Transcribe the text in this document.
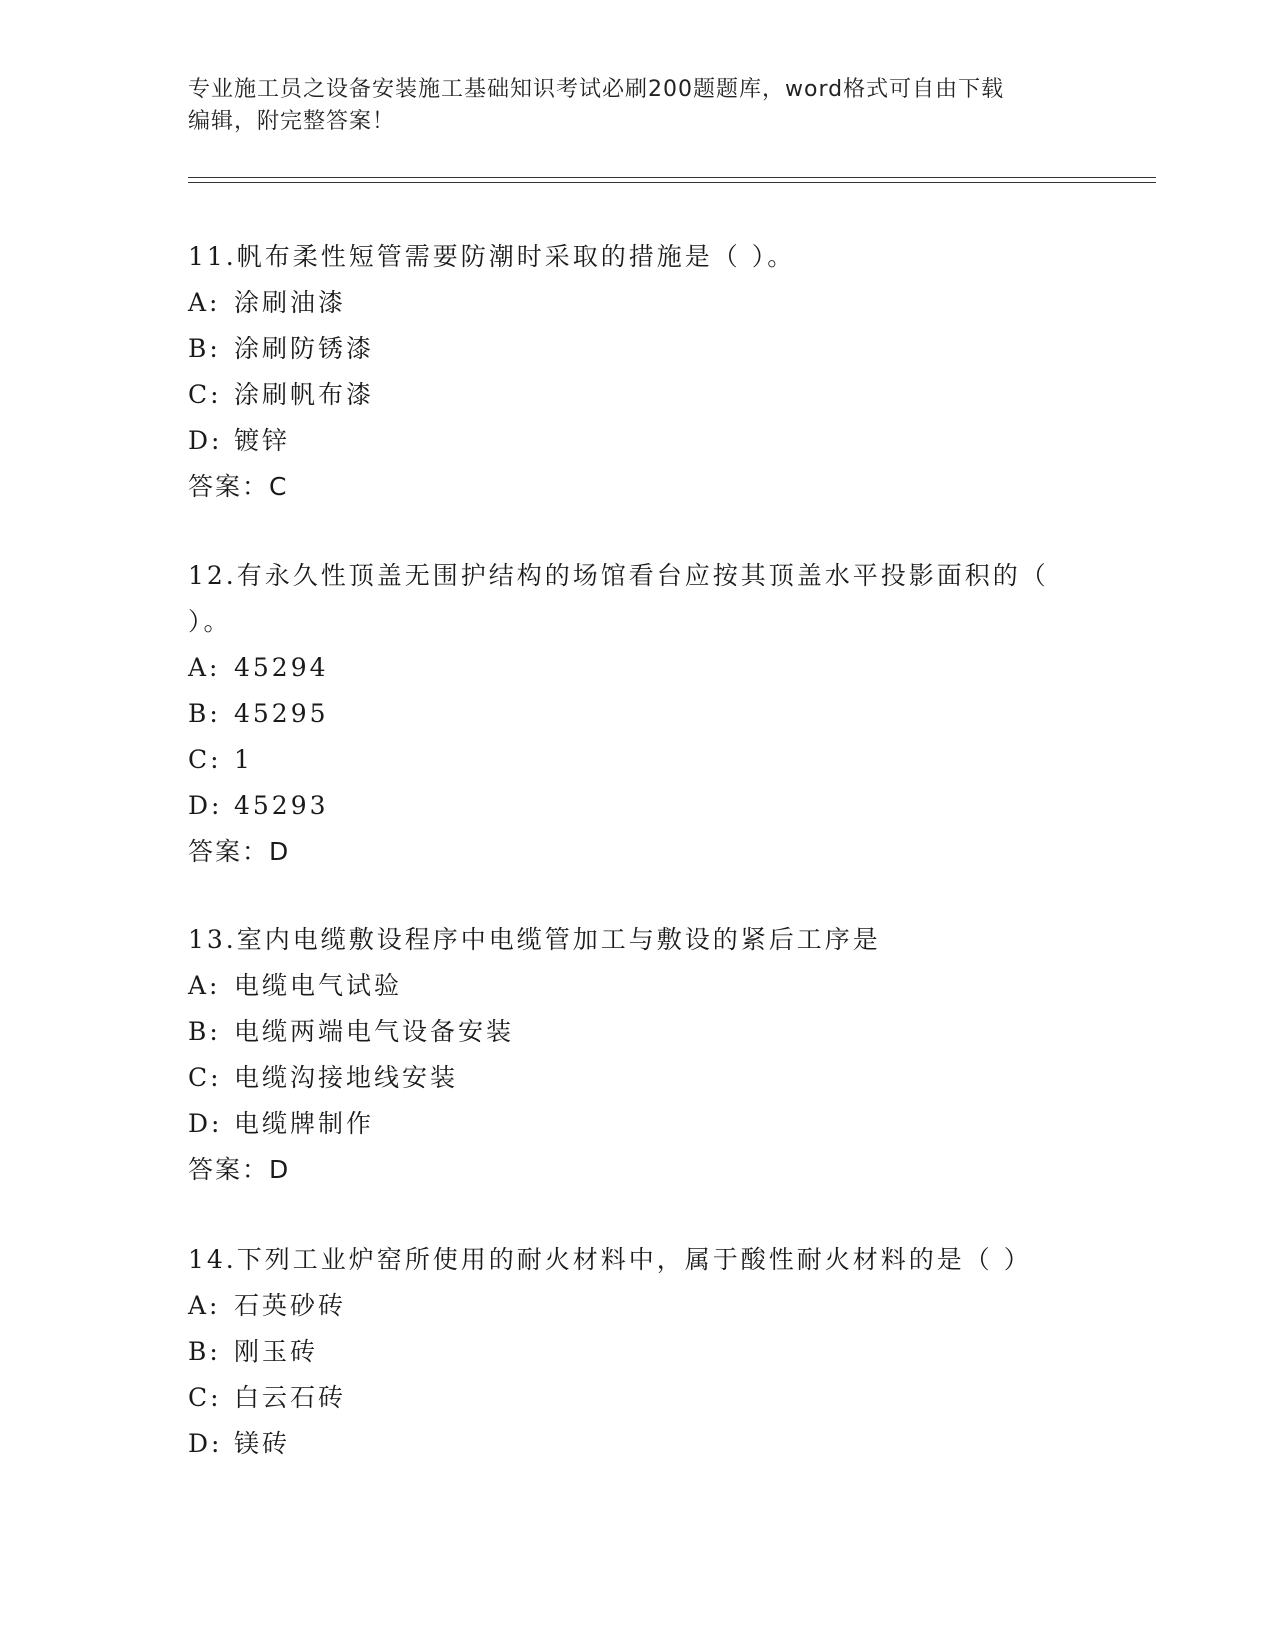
专业施工员之设备安装施工基础知识考试必刷200题题库，word格式可自由下载
编辑，附完整答案！

11.帆布柔性短管需要防潮时采取的措施是（ ）。

A: 涂刷油漆

B: 涂刷防锈漆

C: 涂刷帆布漆

D: 镀锌

答案：C

12.有永久性顶盖无围护结构的场馆看台应按其顶盖水平投影面积的（

）。

A: 45294

B: 45295

C: 1

D: 45293

答案：D

13.室内电缆敷设程序中电缆管加工与敷设的紧后工序是

A: 电缆电气试验

B: 电缆两端电气设备安装

C: 电缆沟接地线安装

D: 电缆牌制作

答案：D

14.下列工业炉窑所使用的耐火材料中，属于酸性耐火材料的是（ ）

A: 石英砂砖

B: 刚玉砖

C: 白云石砖

D: 镁砖
